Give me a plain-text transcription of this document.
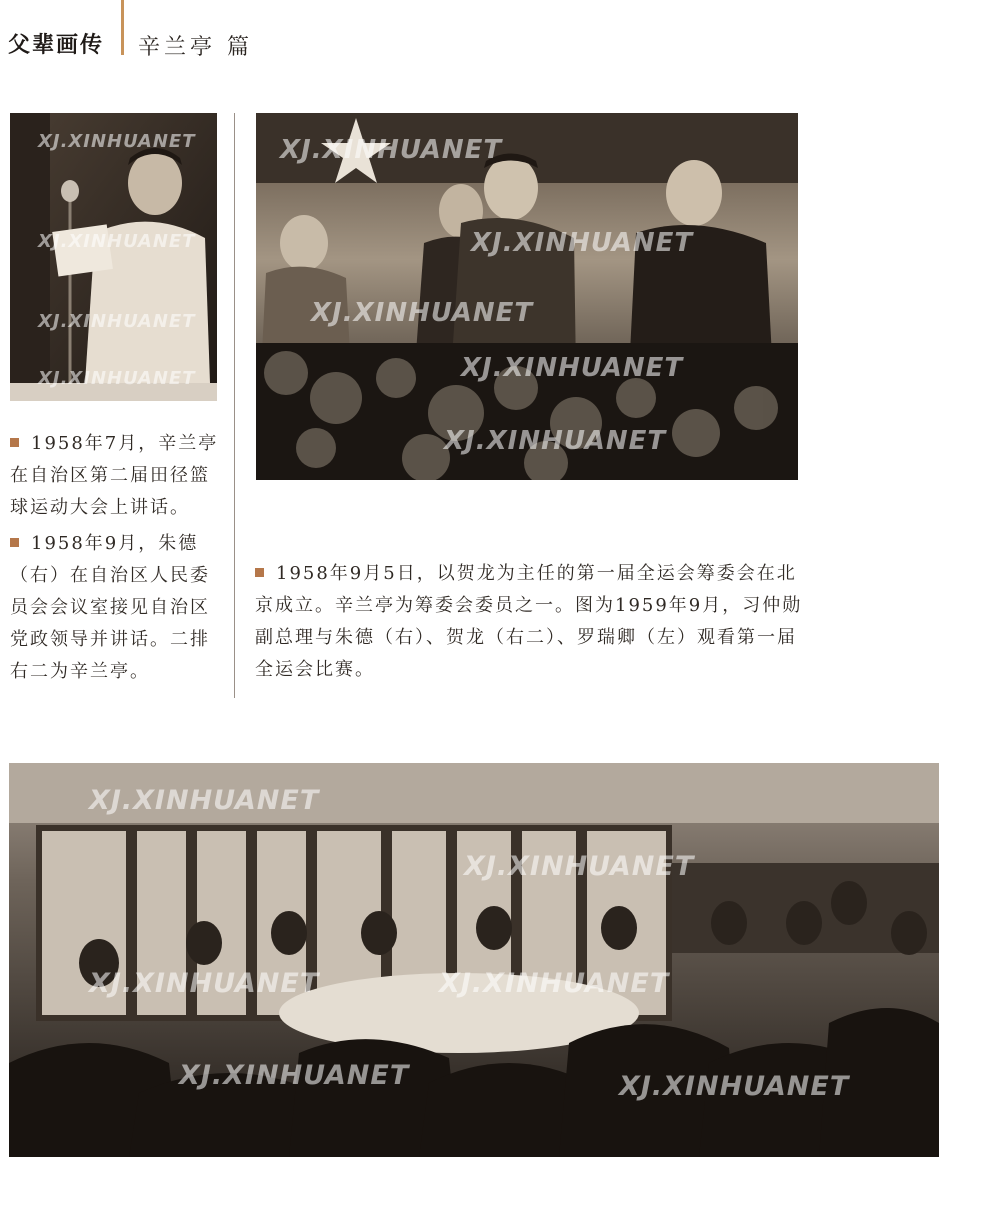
父辈画传 辛兰亭 篇
XJ.XINHUANET
XJ.XINHUANET
XJ.XINHUANET
XJ.XINHUANET
XJ.XINHUANET
XJ.XINHUANET
XJ.XINHUANET
XJ.XINHUANET
XJ.XINHUANET
1958年7月，辛兰亭在自治区第二届田径篮球运动大会上讲话。
1958年9月，朱德（右）在自治区人民委员会会议室接见自治区党政领导并讲话。二排右二为辛兰亭。
1958年9月5日，以贺龙为主任的第一届全运会筹委会在北京成立。辛兰亭为筹委会委员之一。图为1959年9月，习仲勋副总理与朱德（右）、贺龙（右二）、罗瑞卿（左）观看第一届全运会比赛。
XJ.XINHUANET
XJ.XINHUANET
XJ.XINHUANET	XJ.XINHUANET
XJ.XINHUANET	XJ.XINHUANET
